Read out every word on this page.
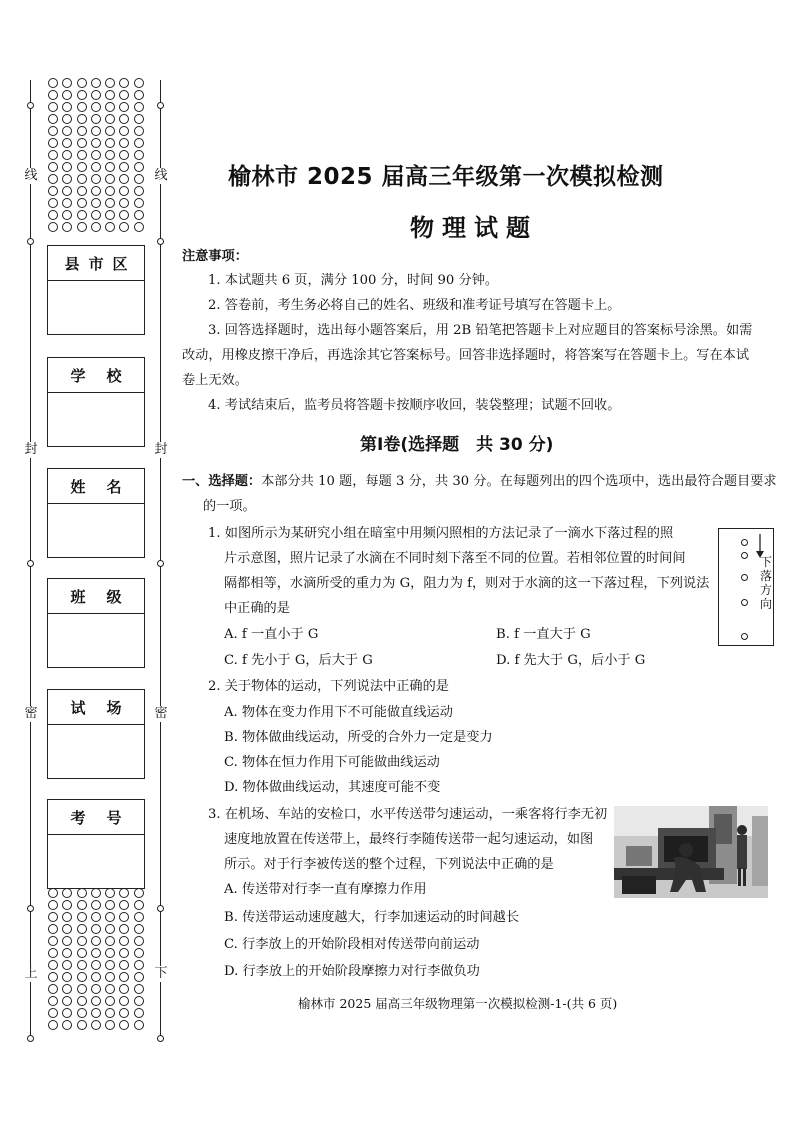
线
封
密
上
线
封
密
下
县 市 区
学 校
姓 名
班 级
试 场
考 号
榆林市 2025 届高三年级第一次模拟检测
物理试题
注意事项：
1. 本试题共 6 页，满分 100 分，时间 90 分钟。
2. 答卷前，考生务必将自己的姓名、班级和准考证号填写在答题卡上。
3. 回答选择题时，选出每小题答案后，用 2B 铅笔把答题卡上对应题目的答案标号涂黑。如需
改动，用橡皮擦干净后，再选涂其它答案标号。回答非选择题时，将答案写在答题卡上。写在本试
卷上无效。
4. 考试结束后，监考员将答题卡按顺序收回，装袋整理；试题不回收。
第Ⅰ卷(选择题　共 30 分)
一、选择题：本部分共 10 题，每题 3 分，共 30 分。在每题列出的四个选项中，选出最符合题目要求
的一项。
1. 如图所示为某研究小组在暗室中用频闪照相的方法记录了一滴水下落过程的照
片示意图，照片记录了水滴在不同时刻下落至不同的位置。若相邻位置的时间间
隔都相等，水滴所受的重力为 G，阻力为 f，则对于水滴的这一下落过程，下列说法
中正确的是
A. f 一直小于 G	B. f 一直大于 G
C. f 先小于 G，后大于 G	D. f 先大于 G，后小于 G
下
落
方
向
2. 关于物体的运动，下列说法中正确的是
A. 物体在变力作用下不可能做直线运动
B. 物体做曲线运动，所受的合外力一定是变力
C. 物体在恒力作用下可能做曲线运动
D. 物体做曲线运动，其速度可能不变
3. 在机场、车站的安检口，水平传送带匀速运动，一乘客将行李无初
速度地放置在传送带上，最终行李随传送带一起匀速运动，如图
所示。对于行李被传送的整个过程，下列说法中正确的是
A. 传送带对行李一直有摩擦力作用
B. 传送带运动速度越大，行李加速运动的时间越长
C. 行李放上的开始阶段相对传送带向前运动
D. 行李放上的开始阶段摩擦力对行李做负功
榆林市 2025 届高三年级物理第一次模拟检测-1-(共 6 页)
